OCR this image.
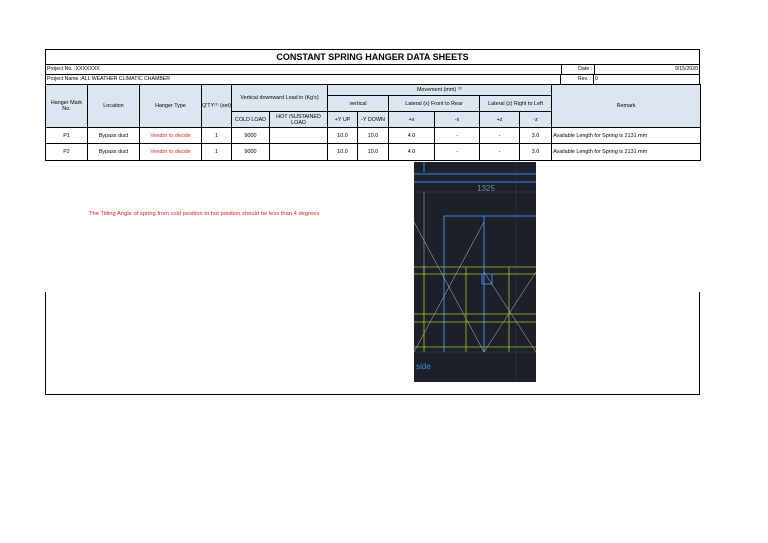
CONSTANT SPRING HANGER DATA SHEETS
Project No. :XXXXXXX	Date :	9/15/2020
Project Name :ALL WEATHER CLIMATIC CHAMBER	Rev. : 0
Hanger Mark No.	Location	Hanger Type	Q'TY⁽¹⁾ (set)	Vertical downward Load in (Kg's)		Movement (mm) ⁽²⁾						Remark
						vertical		Lateral (x) Front to Rear		Lateral (z) Right to Left		
				COLD LOAD	HOT /SUSTAINED LOAD	+Y UP	-Y DOWN	+x	-x	+z	-z	
P1	Bypass duct	Vendor to decide	1	9000		10.0	10.0	4.0	-	-	3.0	Available Length for Spring is 2131 mm
P2	Bypass duct	Vendor to decide	1	9000		10.0	10.0	4.0	-	-	3.0	Available Length for Spring is 2131 mm
The Titling Angle of spring from cold position to hot position should be less than 4 degrees
1325
side
